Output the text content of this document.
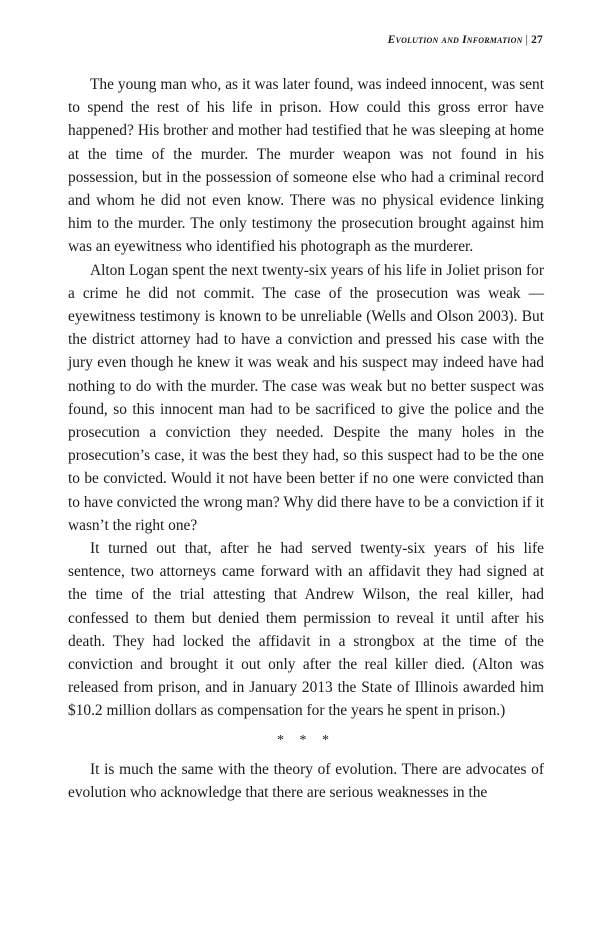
Evolution and Information | 27

The young man who, as it was later found, was indeed innocent, was sent to spend the rest of his life in prison. How could this gross error have happened? His brother and mother had testified that he was sleeping at home at the time of the murder. The murder weapon was not found in his possession, but in the possession of someone else who had a criminal record and whom he did not even know. There was no physical evidence linking him to the murder. The only testimony the prosecution brought against him was an eyewitness who identified his photograph as the murderer.

Alton Logan spent the next twenty-six years of his life in Joliet prison for a crime he did not commit. The case of the prosecution was weak — eyewitness testimony is known to be unreliable (Wells and Olson 2003). But the district attorney had to have a conviction and pressed his case with the jury even though he knew it was weak and his suspect may indeed have had nothing to do with the murder. The case was weak but no better suspect was found, so this innocent man had to be sacrificed to give the police and the prosecution a conviction they needed. Despite the many holes in the prosecution’s case, it was the best they had, so this suspect had to be the one to be convicted. Would it not have been better if no one were convicted than to have convicted the wrong man? Why did there have to be a conviction if it wasn’t the right one?

It turned out that, after he had served twenty-six years of his life sentence, two attorneys came forward with an affidavit they had signed at the time of the trial attesting that Andrew Wilson, the real killer, had confessed to them but denied them permission to reveal it until after his death. They had locked the affidavit in a strongbox at the time of the conviction and brought it out only after the real killer died. (Alton was released from prison, and in January 2013 the State of Illinois awarded him $10.2 million dollars as compensation for the years he spent in prison.)

* * *

It is much the same with the theory of evolution. There are advocates of evolution who acknowledge that there are serious weaknesses in the
